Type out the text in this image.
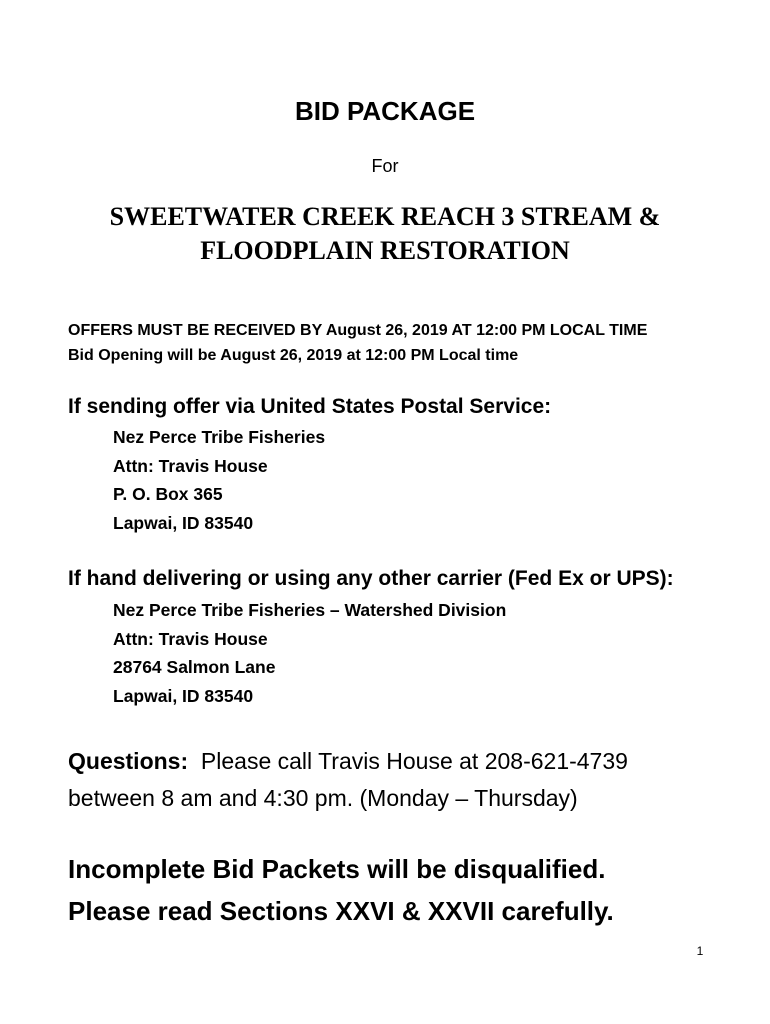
BID PACKAGE
For
SWEETWATER CREEK REACH 3 STREAM &
FLOODPLAIN RESTORATION
OFFERS MUST BE RECEIVED BY August 26, 2019 AT 12:00 PM LOCAL TIME
Bid Opening will be August 26, 2019 at 12:00 PM Local time
If sending offer via United States Postal Service:
Nez Perce Tribe Fisheries
Attn: Travis House
P. O. Box 365
Lapwai, ID 83540
If hand delivering or using any other carrier (Fed Ex or UPS):
Nez Perce Tribe Fisheries – Watershed Division
Attn: Travis House
28764 Salmon Lane
Lapwai, ID 83540
Questions:  Please call Travis House at 208-621-4739
between 8 am and 4:30 pm. (Monday – Thursday)
Incomplete Bid Packets will be disqualified.
Please read Sections XXVI & XXVII carefully.
1
